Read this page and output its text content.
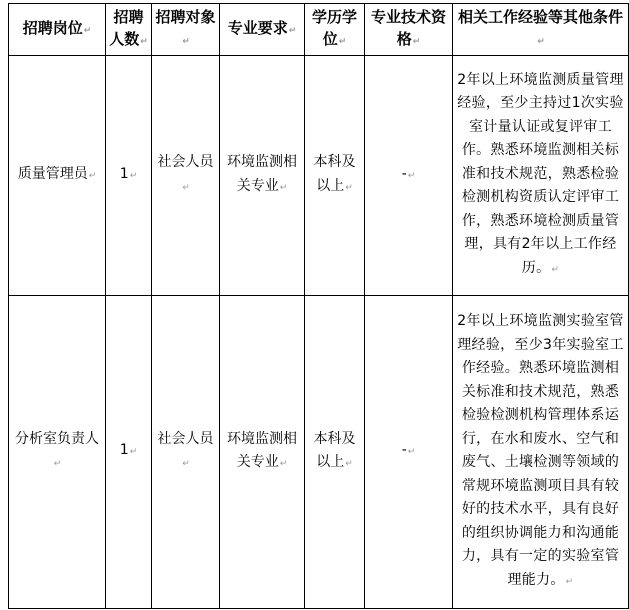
招聘岗位↵	招聘人数↵	招聘对象↵	专业要求↵	学历学位↵	专业技术资格↵	相关工作经验等其他条件↵
质量管理员↵	1↵	社会人员↵	环境监测相关专业↵	本科及以上↵	-↵	2年以上环境监测质量管理经验，至少主持过1次实验室计量认证或复评审工作。熟悉环境监测相关标准和技术规范，熟悉检验检测机构资质认定评审工作，熟悉环境检测质量管理，具有2年以上工作经历。↵
分析室负责人↵	1↵	社会人员↵	环境监测相关专业↵	本科及以上↵	-↵	2年以上环境监测实验室管理经验，至少3年实验室工作经验。熟悉环境监测相关标准和技术规范，熟悉检验检测机构管理体系运行，在水和废水、空气和废气、土壤检测等领域的常规环境监测项目具有较好的技术水平，具有良好的组织协调能力和沟通能力，具有一定的实验室管理能力。↵
